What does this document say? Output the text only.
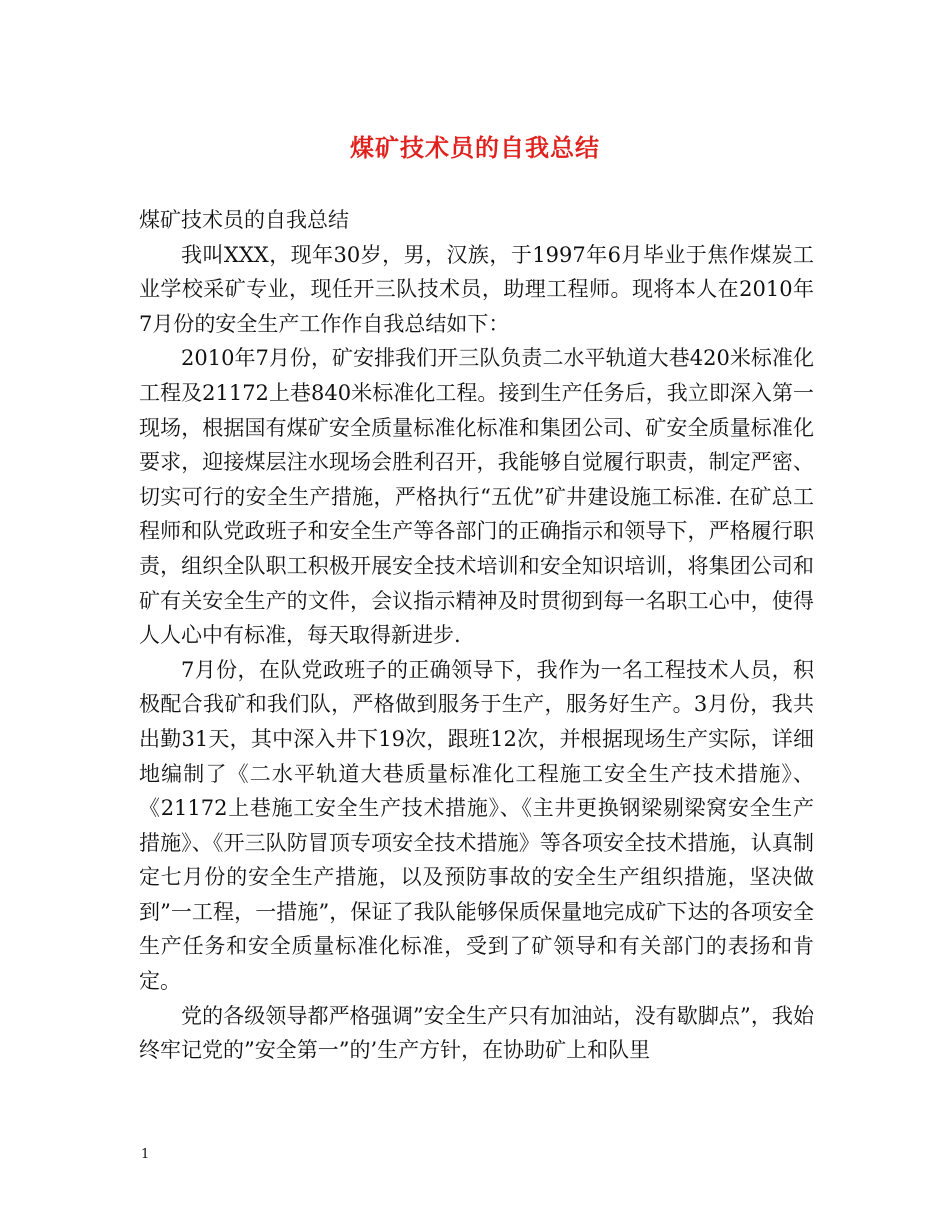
煤矿技术员的自我总结

煤矿技术员的自我总结

我叫XXX，现年30岁，男，汉族，于1997年6月毕业于焦作煤炭工业学校采矿专业，现任开三队技术员，助理工程师。现将本人在2010年7月份的安全生产工作作自我总结如下：

2010年7月份，矿安排我们开三队负责二水平轨道大巷420米标准化工程及21172上巷840米标准化工程。接到生产任务后，我立即深入第一现场，根据国有煤矿安全质量标准化标准和集团公司、矿安全质量标准化要求，迎接煤层注水现场会胜利召开，我能够自觉履行职责，制定严密、切实可行的安全生产措施，严格执行“五优”矿井建设施工标准. 在矿总工程师和队党政班子和安全生产等各部门的正确指示和领导下，严格履行职责，组织全队职工积极开展安全技术培训和安全知识培训，将集团公司和矿有关安全生产的文件，会议指示精神及时贯彻到每一名职工心中，使得人人心中有标准，每天取得新进步.

7月份，在队党政班子的正确领导下，我作为一名工程技术人员，积极配合我矿和我们队，严格做到服务于生产，服务好生产。3月份，我共出勤31天，其中深入井下19次，跟班12次，并根据现场生产实际，详细地编制了《二水平轨道大巷质量标准化工程施工安全生产技术措施》、《21172上巷施工安全生产技术措施》、《主井更换钢梁剔梁窝安全生产措施》、《开三队防冒顶专项安全技术措施》等各项安全技术措施，认真制定七月份的安全生产措施，以及预防事故的安全生产组织措施，坚决做到”一工程，一措施”，保证了我队能够保质保量地完成矿下达的各项安全生产任务和安全质量标准化标准，受到了矿领导和有关部门的表扬和肯定。

党的各级领导都严格强调”安全生产只有加油站，没有歇脚点”，我始终牢记党的”安全第一”的’生产方针，在协助矿上和队里

1
